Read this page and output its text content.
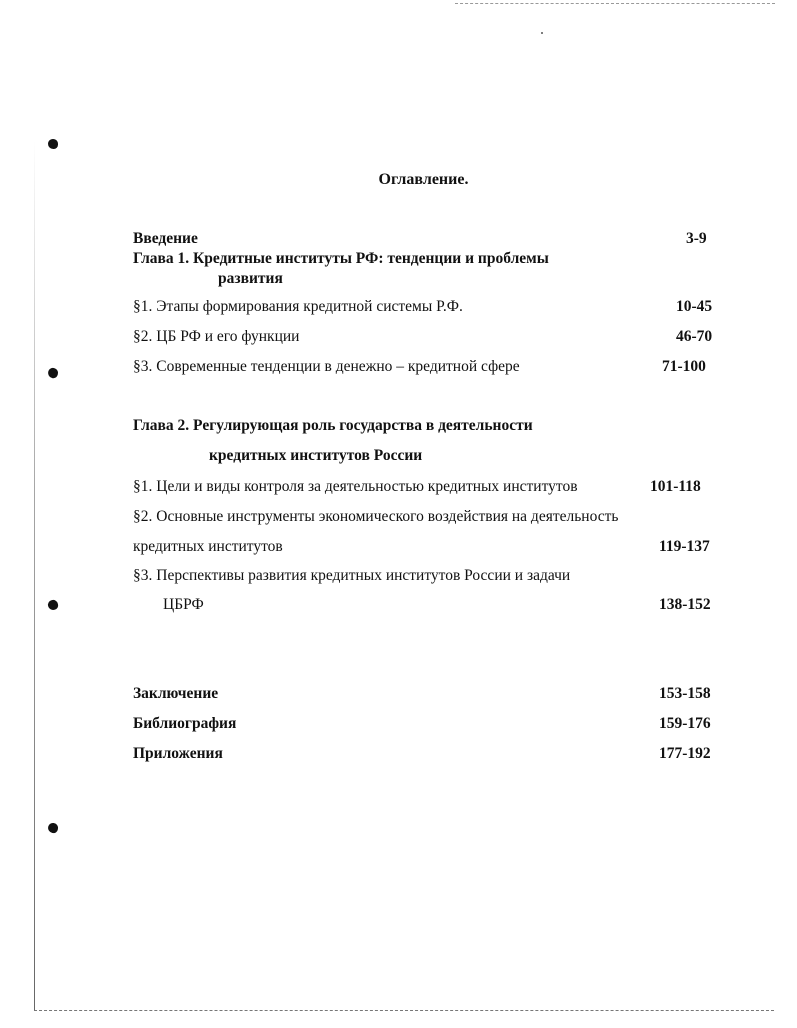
Оглавление.
Введение	3-9
Глава 1. Кредитные институты РФ: тенденции и проблемы
развития
§1. Этапы формирования кредитной системы Р.Ф.	10-45
§2. ЦБ РФ и его функции	46-70
§3. Современные тенденции в денежно – кредитной сфере	71-100
Глава 2. Регулирующая роль государства в деятельности
кредитных институтов России
§1. Цели и виды контроля за деятельностью кредитных институтов	101-118
§2. Основные инструменты экономического воздействия на деятельность
кредитных институтов	119-137
§3. Перспективы развития кредитных институтов России и задачи
ЦБРФ	138-152
Заключение	153-158
Библиография	159-176
Приложения	177-192
